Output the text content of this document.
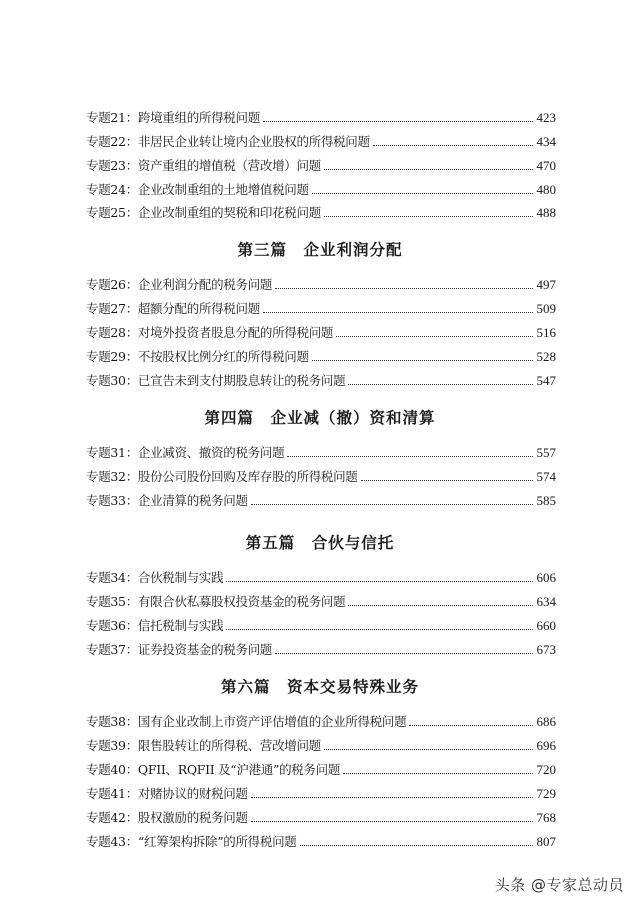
专题21：跨境重组的所得税问题	423
专题22：非居民企业转让境内企业股权的所得税问题	434
专题23：资产重组的增值税（营改增）问题	470
专题24：企业改制重组的土地增值税问题	480
专题25：企业改制重组的契税和印花税问题	488
第三篇　企业利润分配
专题26：企业利润分配的税务问题	497
专题27：超额分配的所得税问题	509
专题28：对境外投资者股息分配的所得税问题	516
专题29：不按股权比例分红的所得税问题	528
专题30：已宣告未到支付期股息转让的税务问题	547
第四篇　企业减（撤）资和清算
专题31：企业减资、撤资的税务问题	557
专题32：股份公司股份回购及库存股的所得税问题	574
专题33：企业清算的税务问题	585
第五篇　合伙与信托
专题34：合伙税制与实践	606
专题35：有限合伙私募股权投资基金的税务问题	634
专题36：信托税制与实践	660
专题37：证券投资基金的税务问题	673
第六篇　资本交易特殊业务
专题38：国有企业改制上市资产评估增值的企业所得税问题	686
专题39：限售股转让的所得税、营改增问题	696
专题40：QFII、RQFII 及“沪港通”的税务问题	720
专题41：对赌协议的财税问题	729
专题42：股权激励的税务问题	768
专题43：“红筹架构拆除”的所得税问题	807
头条 @专家总动员
